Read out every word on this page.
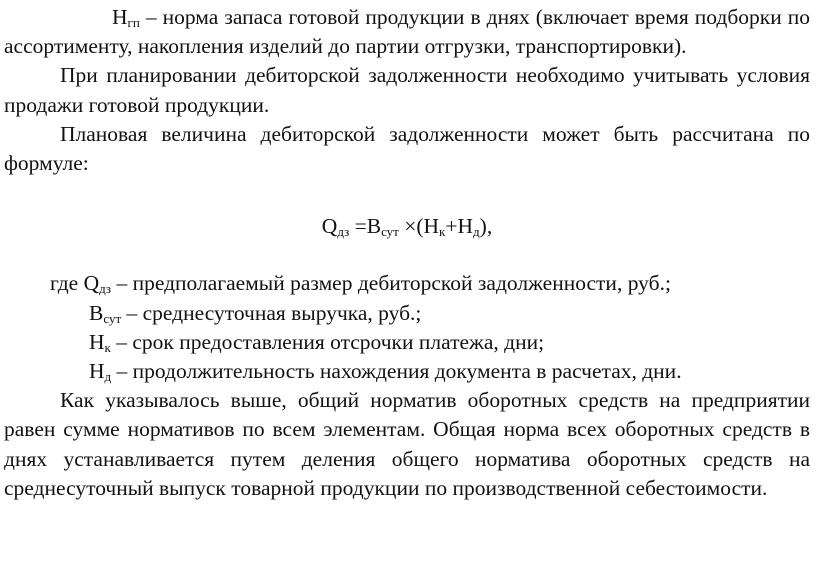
$Н_{гп}$ – норма запаса готовой продукции в днях (включает время подборки по ассортименту, накопления изделий до партии отгрузки, транспортировки).

При планировании дебиторской задолженности необходимо учитывать условия продажи готовой продукции.

Плановая величина дебиторской задолженности может быть рассчитана по формуле:

$Q_{дз} =В_{сут} \times(Н_к+Н_д)$,

где $Q_{дз}$ – предполагаемый размер дебиторской задолженности, руб.;

$В_{сут}$ – среднесуточная выручка, руб.;

$Н_к$ – срок предоставления отсрочки платежа, дни;

$Н_д$ – продолжительность нахождения документа в расчетах, дни.

Как указывалось выше, общий норматив оборотных средств на предприятии равен сумме нормативов по всем элементам. Общая норма всех оборотных средств в днях устанавливается путем деления общего норматива оборотных средств на среднесуточный выпуск товарной продукции по производственной себестоимости.
